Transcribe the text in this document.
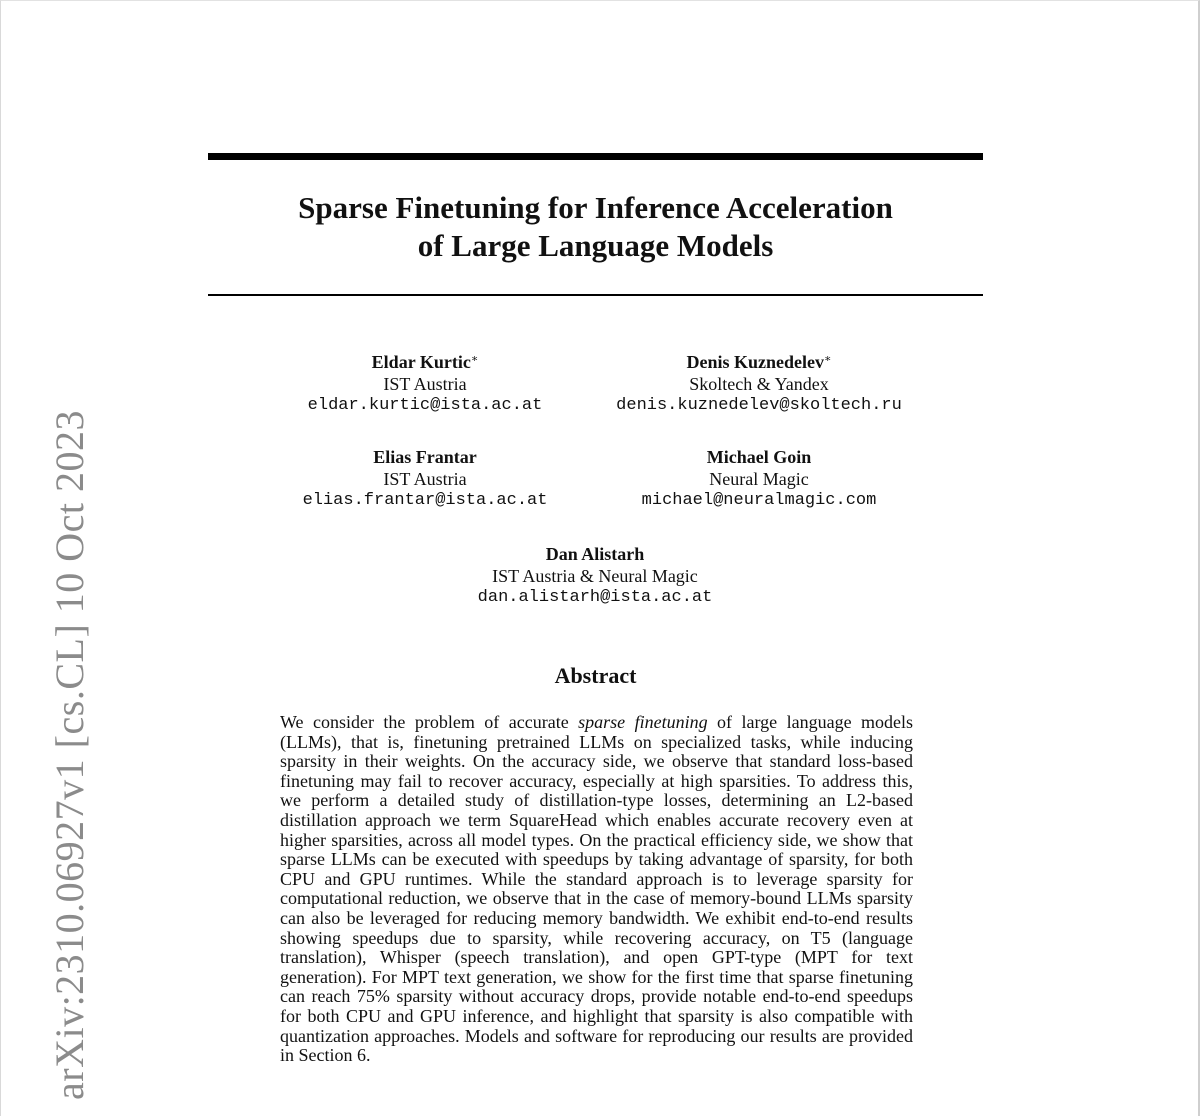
arXiv:2310.06927v1 [cs.CL] 10 Oct 2023
Sparse Finetuning for Inference Acceleration
of Large Language Models
Eldar Kurtic∗
IST Austria
eldar.kurtic@ista.ac.at
Denis Kuznedelev∗
Skoltech & Yandex
denis.kuznedelev@skoltech.ru
Elias Frantar
IST Austria
elias.frantar@ista.ac.at
Michael Goin
Neural Magic
michael@neuralmagic.com
Dan Alistarh
IST Austria & Neural Magic
dan.alistarh@ista.ac.at
Abstract

We consider the problem of accurate sparse finetuning of large language models (LLMs), that is, finetuning pretrained LLMs on specialized tasks, while inducing sparsity in their weights. On the accuracy side, we observe that standard loss-based finetuning may fail to recover accuracy, especially at high sparsities. To address this, we perform a detailed study of distillation-type losses, determining an L2-based distillation approach we term SquareHead which enables accurate recovery even at higher sparsities, across all model types. On the practical efficiency side, we show that sparse LLMs can be executed with speedups by taking advantage of sparsity, for both CPU and GPU runtimes. While the standard approach is to leverage sparsity for computational reduction, we observe that in the case of memory-bound LLMs sparsity can also be leveraged for reducing memory bandwidth. We exhibit end-to-end results showing speedups due to sparsity, while recovering accuracy, on T5 (language translation), Whisper (speech translation), and open GPT-type (MPT for text generation). For MPT text generation, we show for the first time that sparse finetuning can reach 75% sparsity without accuracy drops, provide notable end-to-end speedups for both CPU and GPU inference, and highlight that sparsity is also compatible with quantization approaches. Models and software for reproducing our results are provided in Section 6.
